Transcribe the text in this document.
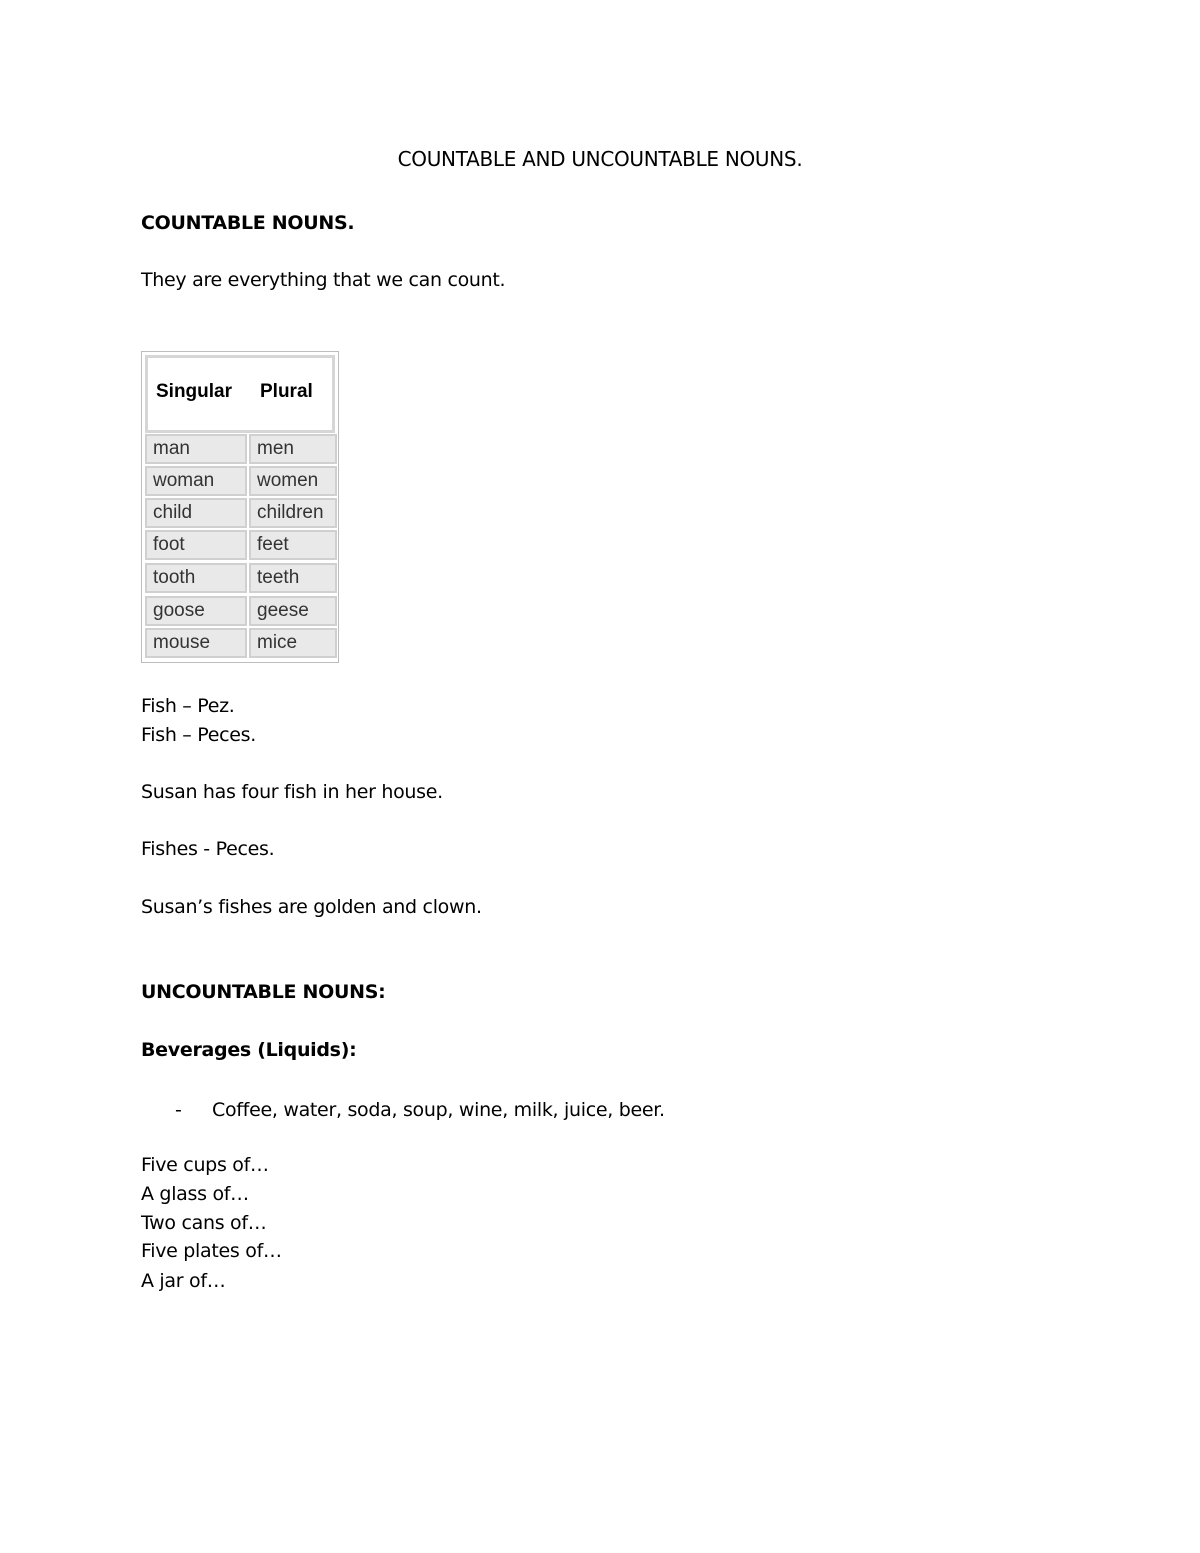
COUNTABLE AND UNCOUNTABLE NOUNS.
COUNTABLE NOUNS.
They are everything that we can count.
Singular Plural
man	men
woman	women
child	children
foot	feet
tooth	teeth
goose	geese
mouse	mice
Fish – Pez.
Fish – Peces.
Susan has four fish in her house.
Fishes - Peces.
Susan’s fishes are golden and clown.
UNCOUNTABLE NOUNS:
Beverages (Liquids):
- Coffee, water, soda, soup, wine, milk, juice, beer.
Five cups of…
A glass of…
Two cans of…
Five plates of…
A jar of…
